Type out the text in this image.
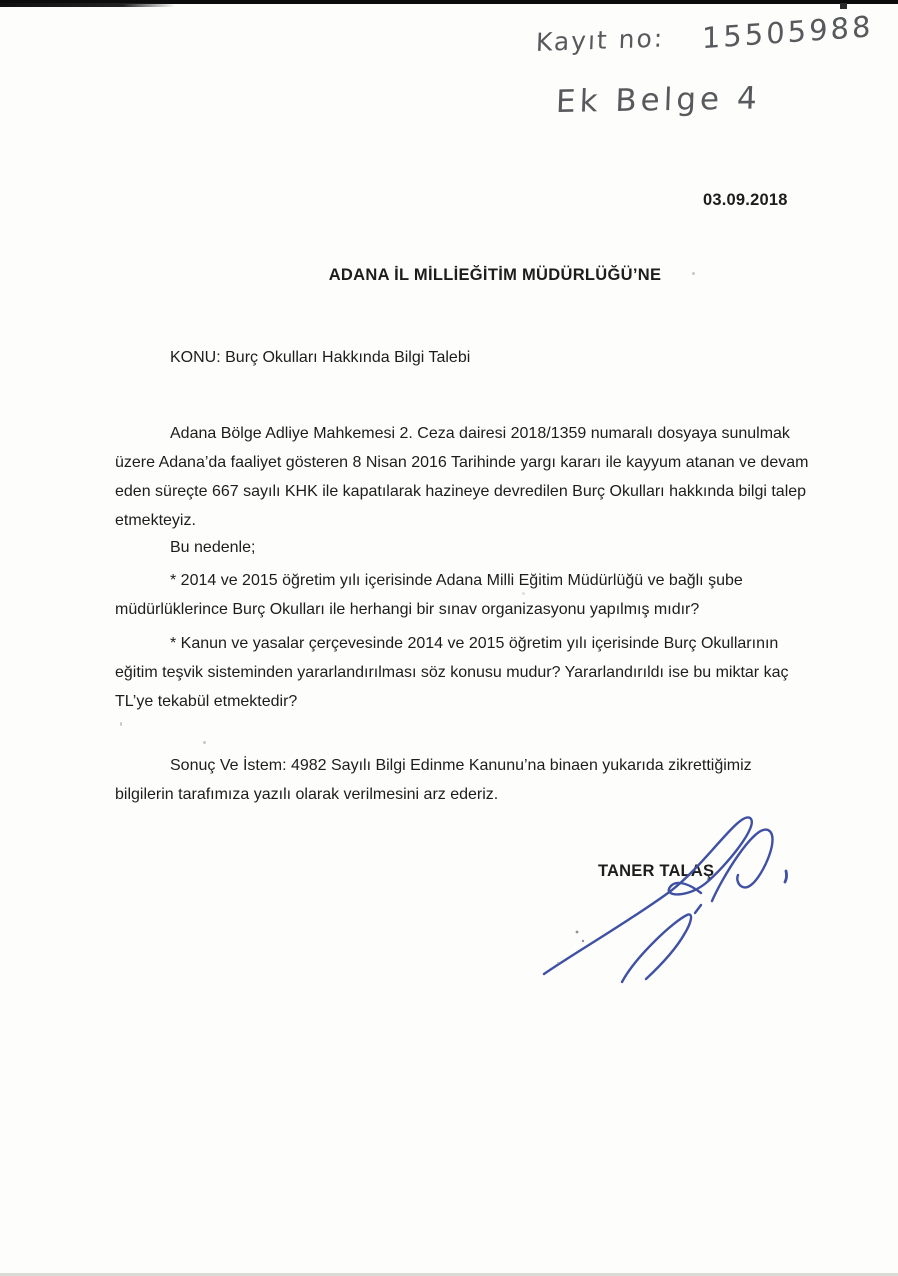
Kayıt no: 15505988
Ek Belge 4
03.09.2018
ADANA İL MİLLİEĞİTİM MÜDÜRLÜĞÜ’NE
KONU: Burç Okulları Hakkında Bilgi Talebi
Adana Bölge Adliye Mahkemesi 2. Ceza dairesi 2018/1359 numaralı dosyaya sunulmak üzere Adana’da faaliyet gösteren 8 Nisan 2016 Tarihinde yargı kararı ile kayyum atanan ve devam eden süreçte 667 sayılı KHK ile kapatılarak hazineye devredilen Burç Okulları hakkında bilgi talep etmekteyiz.
Bu nedenle;
* 2014 ve 2015 öğretim yılı içerisinde Adana Milli Eğitim Müdürlüğü ve bağlı şube müdürlüklerince Burç Okulları ile herhangi bir sınav organizasyonu yapılmış mıdır?
* Kanun ve yasalar çerçevesinde 2014 ve 2015 öğretim yılı içerisinde Burç Okullarının eğitim teşvik sisteminden yararlandırılması söz konusu mudur? Yararlandırıldı ise bu miktar kaç TL’ye tekabül etmektedir?
Sonuç Ve İstem: 4982 Sayılı Bilgi Edinme Kanunu’na binaen yukarıda zikrettiğimiz bilgilerin tarafımıza yazılı olarak verilmesini arz ederiz.
TANER TALAŞ
